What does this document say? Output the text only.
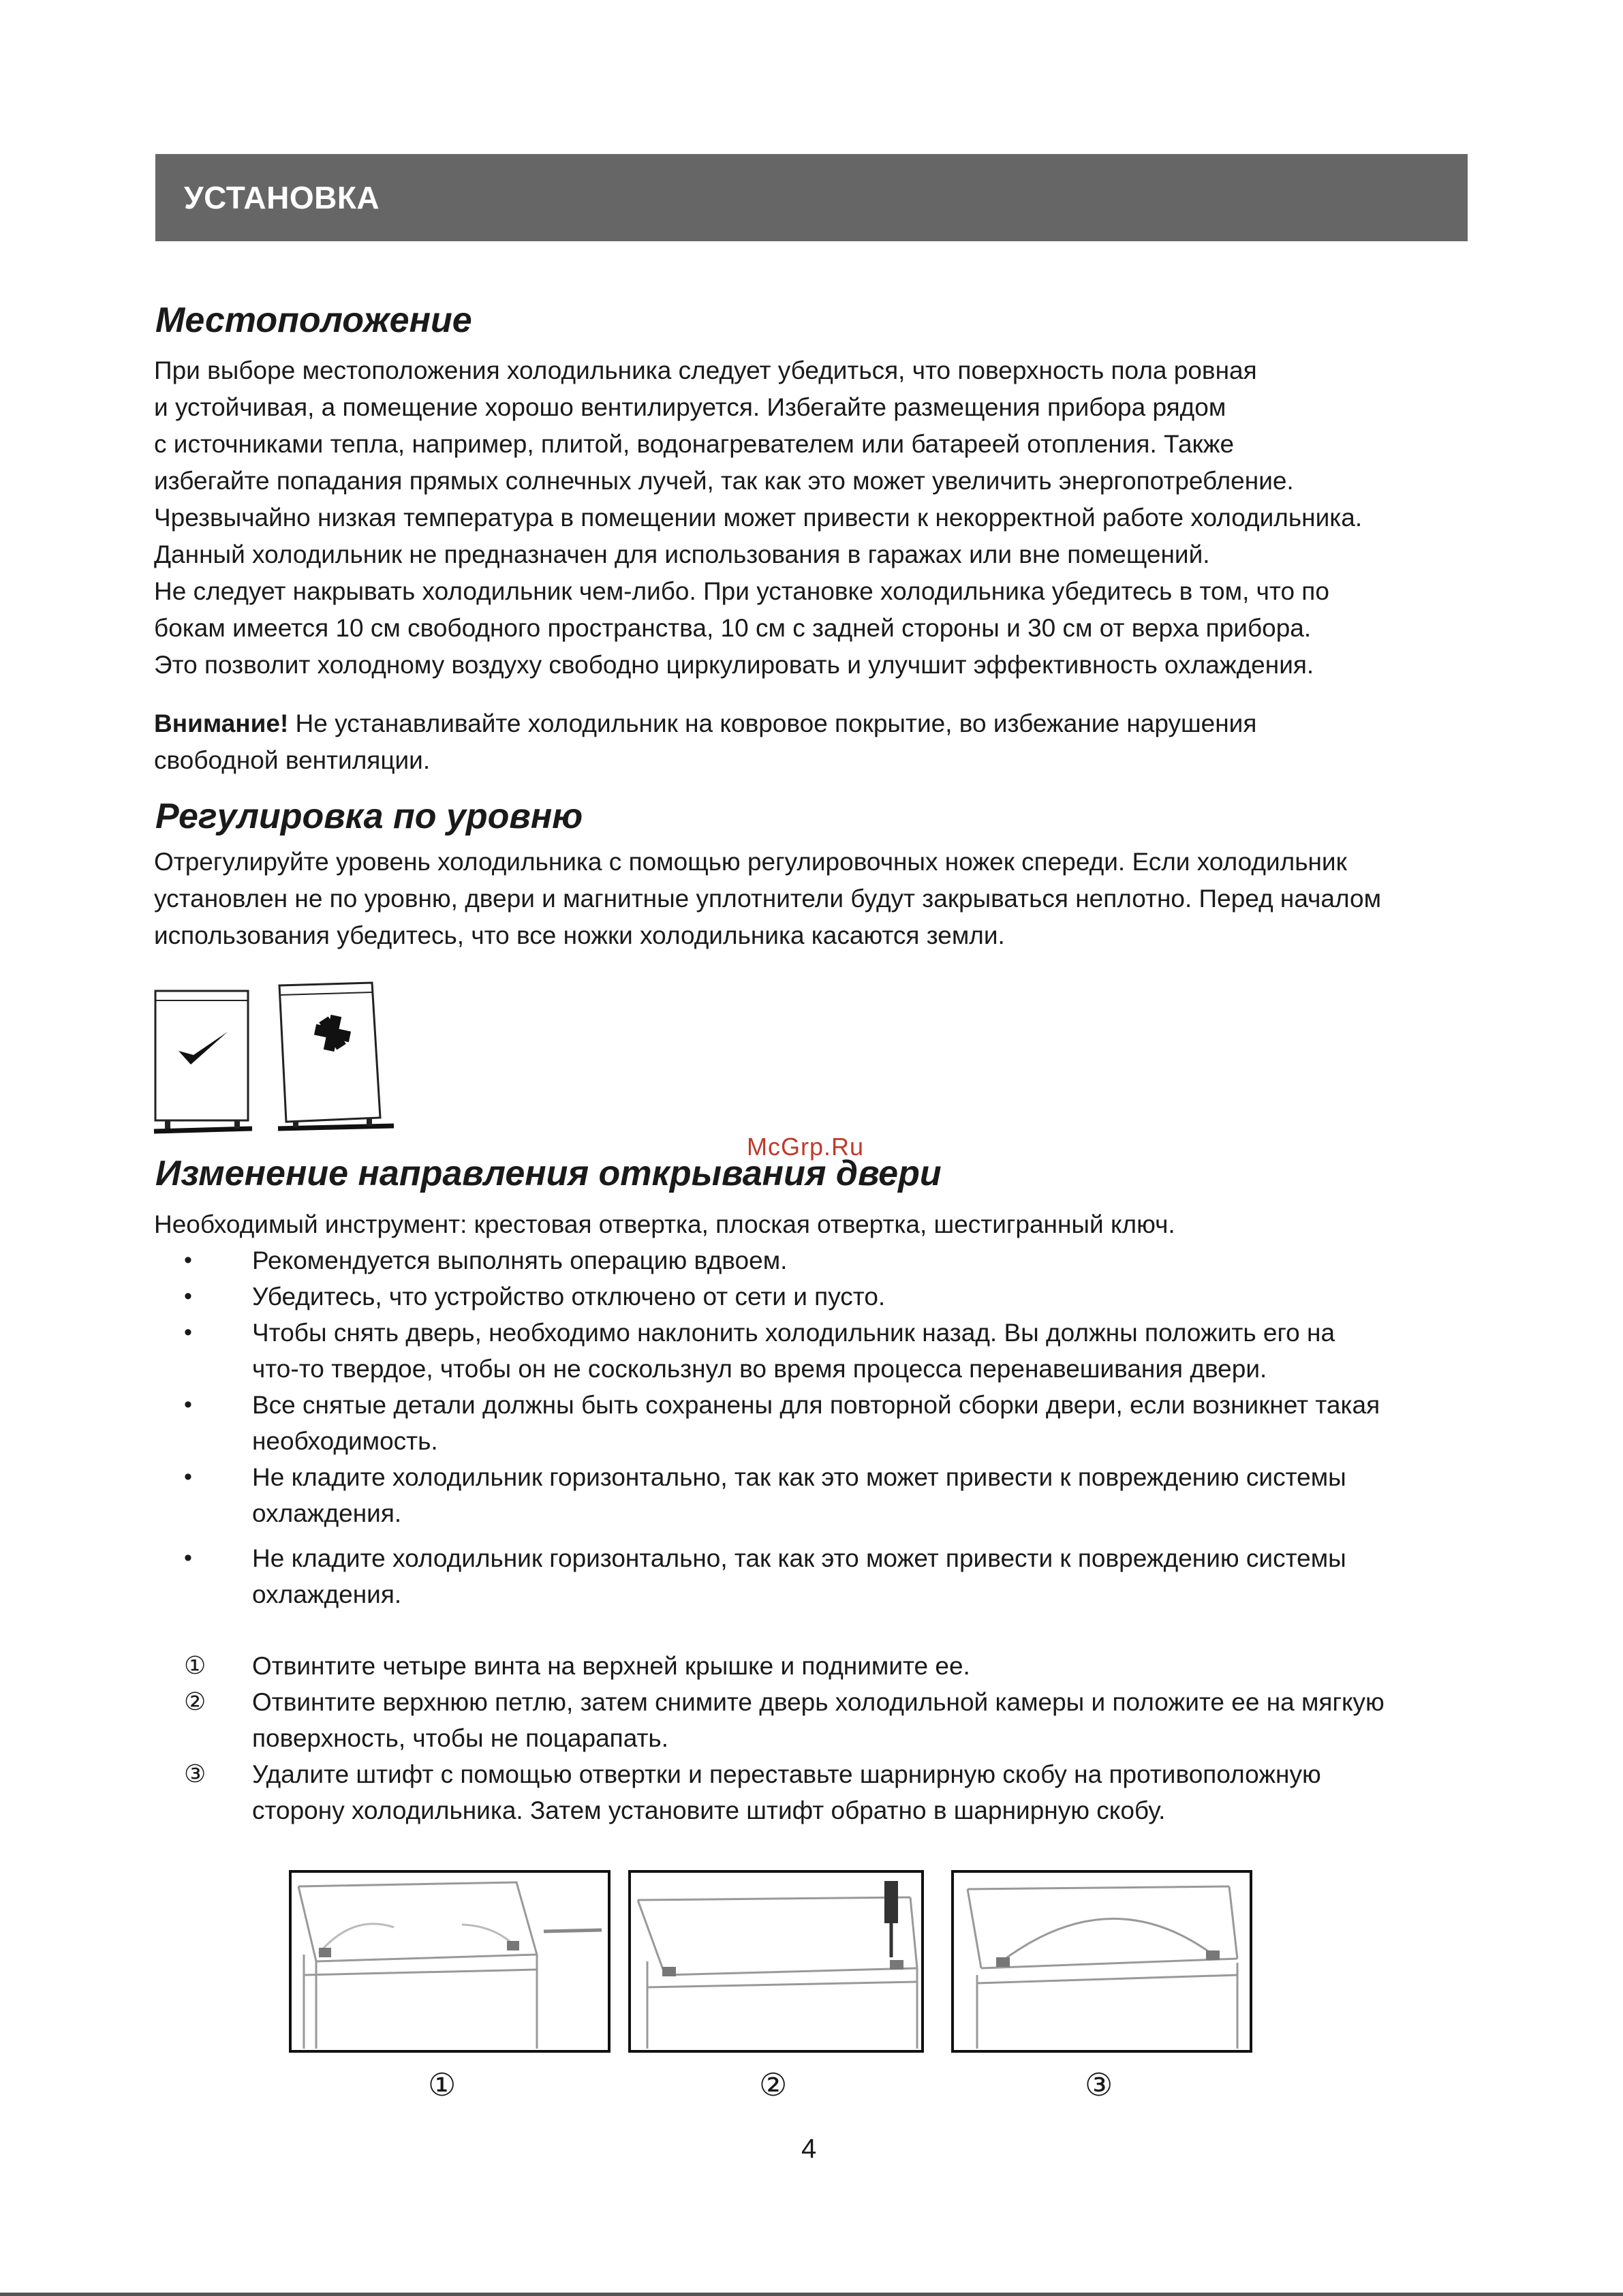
УСТАНОВКА
Местоположение
При выборе местоположения холодильника следует убедиться, что поверхность пола ровная
и устойчивая, а помещение хорошо вентилируется. Избегайте размещения прибора рядом
с источниками тепла, например, плитой, водонагревателем или батареей отопления. Также
избегайте попадания прямых солнечных лучей, так как это может увеличить энергопотребление.
Чрезвычайно низкая температура в помещении может привести к некорректной работе холодильника.
Данный холодильник не предназначен для использования в гаражах или вне помещений.
Не следует накрывать холодильник чем-либо. При установке холодильника убедитесь в том, что по
бокам имеется 10 см свободного пространства, 10 см с задней стороны и 30 см от верха прибора.
Это позволит холодному воздуху свободно циркулировать и улучшит эффективность охлаждения.
Внимание! Не устанавливайте холодильник на ковровое покрытие, во избежание нарушения
свободной вентиляции.
Регулировка по уровню
Отрегулируйте уровень холодильника с помощью регулировочных ножек спереди. Если холодильник
установлен не по уровню, двери и магнитные уплотнители будут закрываться неплотно. Перед началом
использования убедитесь, что все ножки холодильника касаются земли.
McGrp.Ru
Изменение направления открывания двери
Необходимый инструмент: крестовая отвертка, плоская отвертка, шестигранный ключ.
• Рекомендуется выполнять операцию вдвоем.
• Убедитесь, что устройство отключено от сети и пусто.
• Чтобы снять дверь, необходимо наклонить холодильник назад. Вы должны положить его на
что-то твердое, чтобы он не соскользнул во время процесса перенавешивания двери.
• Все снятые детали должны быть сохранены для повторной сборки двери, если возникнет такая
необходимость.
• Не кладите холодильник горизонтально, так как это может привести к повреждению системы
охлаждения.
• Не кладите холодильник горизонтально, так как это может привести к повреждению системы
охлаждения.
① Отвинтите четыре винта на верхней крышке и поднимите ее.
② Отвинтите верхнюю петлю, затем снимите дверь холодильной камеры и положите ее на мягкую
поверхность, чтобы не поцарапать.
③ Удалите штифт с помощью отвертки и переставьте шарнирную скобу на противоположную
сторону холодильника. Затем установите штифт обратно в шарнирную скобу.
①	②	③
4
